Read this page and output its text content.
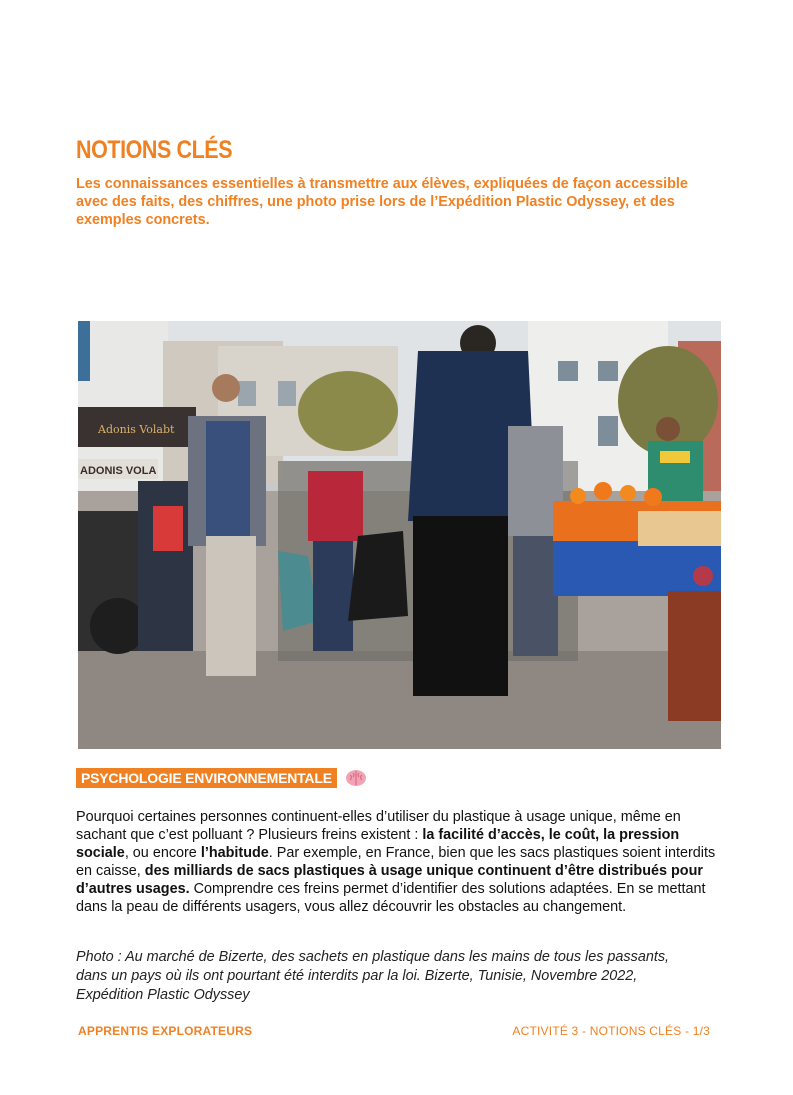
NOTIONS CLÉS
Les connaissances essentielles à transmettre aux élèves, expliquées de façon accessible avec des faits, des chiffres, une photo prise lors de l’Expédition Plastic Odyssey, et des exemples concrets.
Adonis Volabt
ADONIS VOLA
PSYCHOLOGIE ENVIRONNEMENTALE
Pourquoi certaines personnes continuent-elles d’utiliser du plastique à usage unique, même en sachant que c’est polluant ? Plusieurs freins existent : la facilité d’accès, le coût, la pression sociale, ou encore l’habitude. Par exemple, en France, bien que les sacs plastiques soient interdits en caisse, des milliards de sacs plastiques à usage unique continuent d’être distribués pour d’autres usages. Comprendre ces freins permet d’identifier des solutions adaptées. En se mettant dans la peau de différents usagers, vous allez découvrir les obstacles au changement.
Photo : Au marché de Bizerte, des sachets en plastique dans les mains de tous les passants, dans un pays où ils ont pourtant été interdits par la loi. Bizerte, Tunisie, Novembre 2022, Expédition Plastic Odyssey
APPRENTIS EXPLORATEURS	ACTIVITÉ 3 - NOTIONS CLÉS - 1/3
